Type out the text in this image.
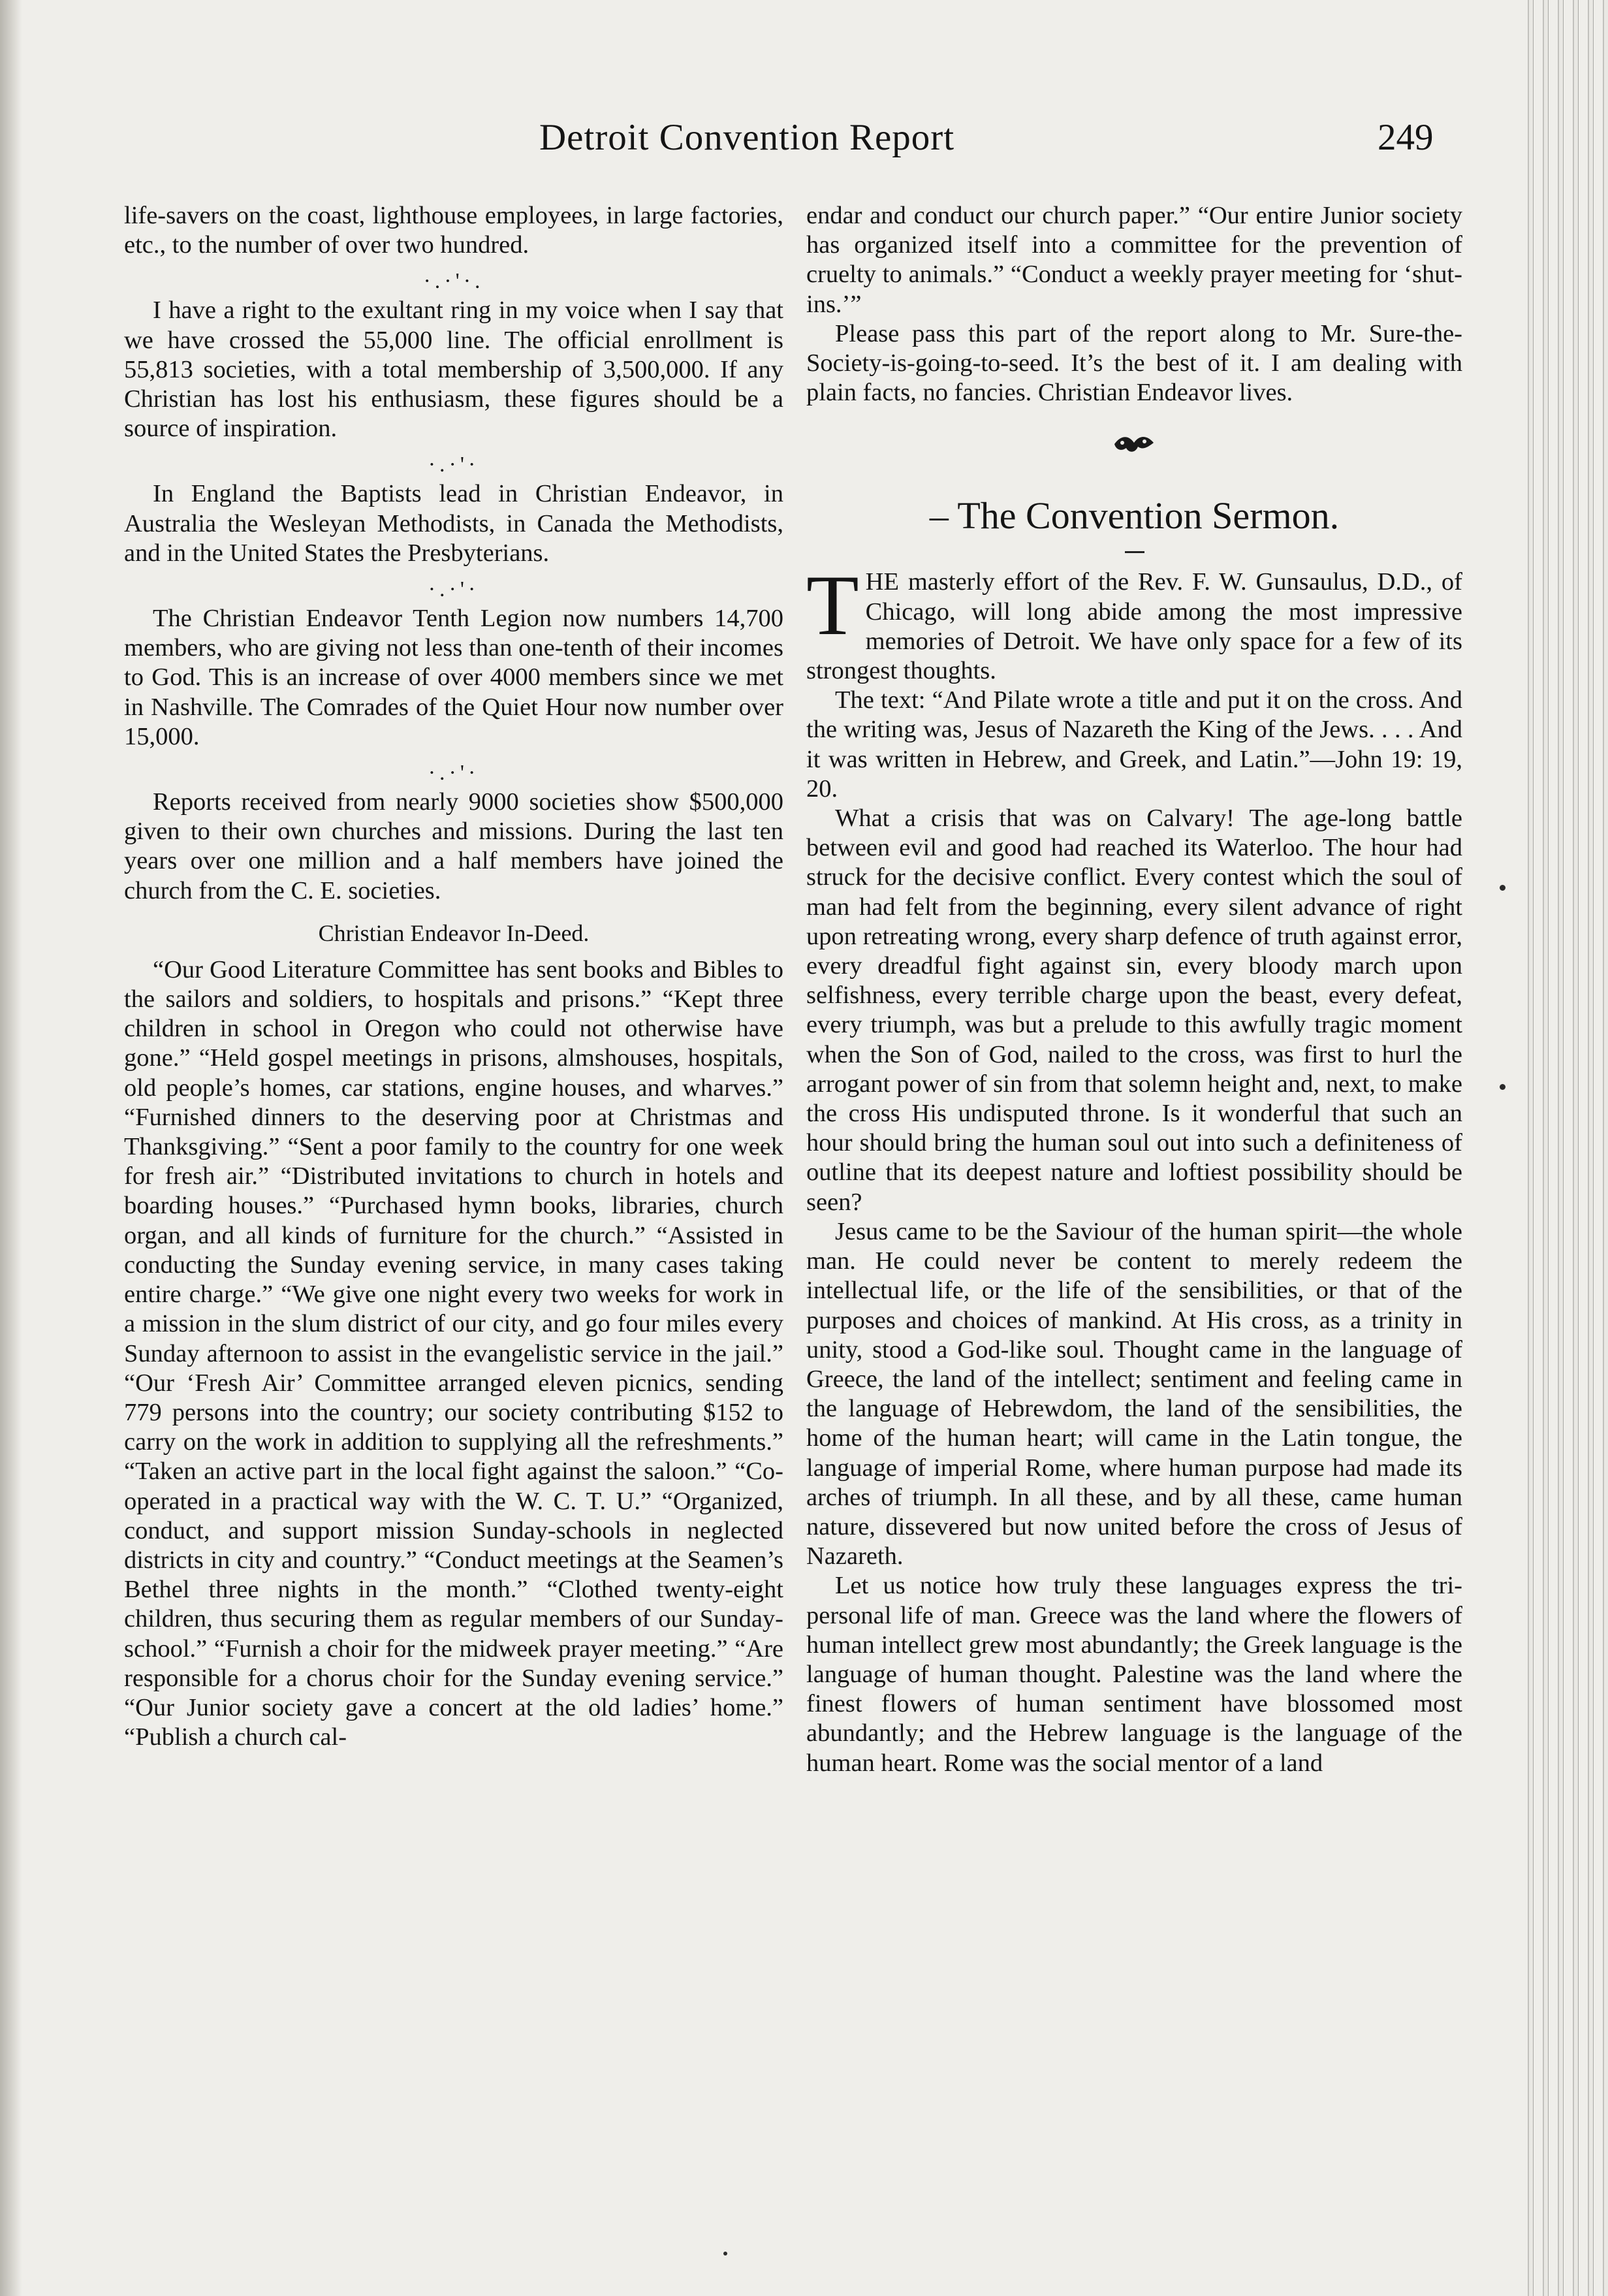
Detroit Convention Report	249

life-savers on the coast, lighthouse employees, in large factories, etc., to the number of over two hundred.

·.·'·.

I have a right to the exultant ring in my voice when I say that we have crossed the 55,000 line. The official enrollment is 55,813 societies, with a total membership of 3,500,000. If any Christian has lost his enthusiasm, these figures should be a source of inspiration.

·.·'·

In England the Baptists lead in Christian Endeavor, in Australia the Wesleyan Methodists, in Canada the Methodists, and in the United States the Presbyterians.

·.·'·

The Christian Endeavor Tenth Legion now numbers 14,700 members, who are giving not less than one-tenth of their incomes to God. This is an increase of over 4000 members since we met in Nashville. The Comrades of the Quiet Hour now number over 15,000.

·.·'·

Reports received from nearly 9000 societies show $500,000 given to their own churches and missions. During the last ten years over one million and a half members have joined the church from the C. E. societies.

Christian Endeavor In-Deed.

“Our Good Literature Committee has sent books and Bibles to the sailors and soldiers, to hospitals and prisons.” “Kept three children in school in Oregon who could not otherwise have gone.” “Held gospel meetings in prisons, almshouses, hospitals, old people’s homes, car stations, engine houses, and wharves.” “Furnished dinners to the deserving poor at Christmas and Thanksgiving.” “Sent a poor family to the country for one week for fresh air.” “Distributed invitations to church in hotels and boarding houses.” “Purchased hymn books, libraries, church organ, and all kinds of furniture for the church.” “Assisted in conducting the Sunday evening service, in many cases taking entire charge.” “We give one night every two weeks for work in a mission in the slum district of our city, and go four miles every Sunday afternoon to assist in the evangelistic service in the jail.” “Our ‘Fresh Air’ Committee arranged eleven picnics, sending 779 persons into the country; our society contributing $152 to carry on the work in addition to supplying all the refreshments.” “Taken an active part in the local fight against the saloon.” “Co-operated in a practical way with the W. C. T. U.” “Organized, conduct, and support mission Sunday-schools in neglected districts in city and country.” “Conduct meetings at the Seamen’s Bethel three nights in the month.” “Clothed twenty-eight children, thus securing them as regular members of our Sunday-school.” “Furnish a choir for the midweek prayer meeting.” “Are responsible for a chorus choir for the Sunday evening service.” “Our Junior society gave a concert at the old ladies’ home.” “Publish a church cal-

endar and conduct our church paper.” “Our entire Junior society has organized itself into a committee for the prevention of cruelty to animals.” “Conduct a weekly prayer meeting for ‘shut-ins.’”

Please pass this part of the report along to Mr. Sure-the-Society-is-going-to-seed. It’s the best of it. I am dealing with plain facts, no fancies. Christian Endeavor lives.

– The Convention Sermon.

THE masterly effort of the Rev. F. W. Gunsaulus, D.D., of Chicago, will long abide among the most impressive memories of Detroit. We have only space for a few of its strongest thoughts.

The text: “And Pilate wrote a title and put it on the cross. And the writing was, Jesus of Nazareth the King of the Jews. . . . And it was written in Hebrew, and Greek, and Latin.”—John 19: 19, 20.

What a crisis that was on Calvary! The age-long battle between evil and good had reached its Waterloo. The hour had struck for the decisive conflict. Every contest which the soul of man had felt from the beginning, every silent advance of right upon retreating wrong, every sharp defence of truth against error, every dreadful fight against sin, every bloody march upon selfishness, every terrible charge upon the beast, every defeat, every triumph, was but a prelude to this awfully tragic moment when the Son of God, nailed to the cross, was first to hurl the arrogant power of sin from that solemn height and, next, to make the cross His undisputed throne. Is it wonderful that such an hour should bring the human soul out into such a definiteness of outline that its deepest nature and loftiest possibility should be seen?

Jesus came to be the Saviour of the human spirit—the whole man. He could never be content to merely redeem the intellectual life, or the life of the sensibilities, or that of the purposes and choices of mankind. At His cross, as a trinity in unity, stood a God-like soul. Thought came in the language of Greece, the land of the intellect; sentiment and feeling came in the language of Hebrewdom, the land of the sensibilities, the home of the human heart; will came in the Latin tongue, the language of imperial Rome, where human purpose had made its arches of triumph. In all these, and by all these, came human nature, dissevered but now united before the cross of Jesus of Nazareth.

Let us notice how truly these languages express the tri-personal life of man. Greece was the land where the flowers of human intellect grew most abundantly; the Greek language is the language of human thought. Palestine was the land where the finest flowers of human sentiment have blossomed most abundantly; and the Hebrew language is the language of the human heart. Rome was the social mentor of a land
